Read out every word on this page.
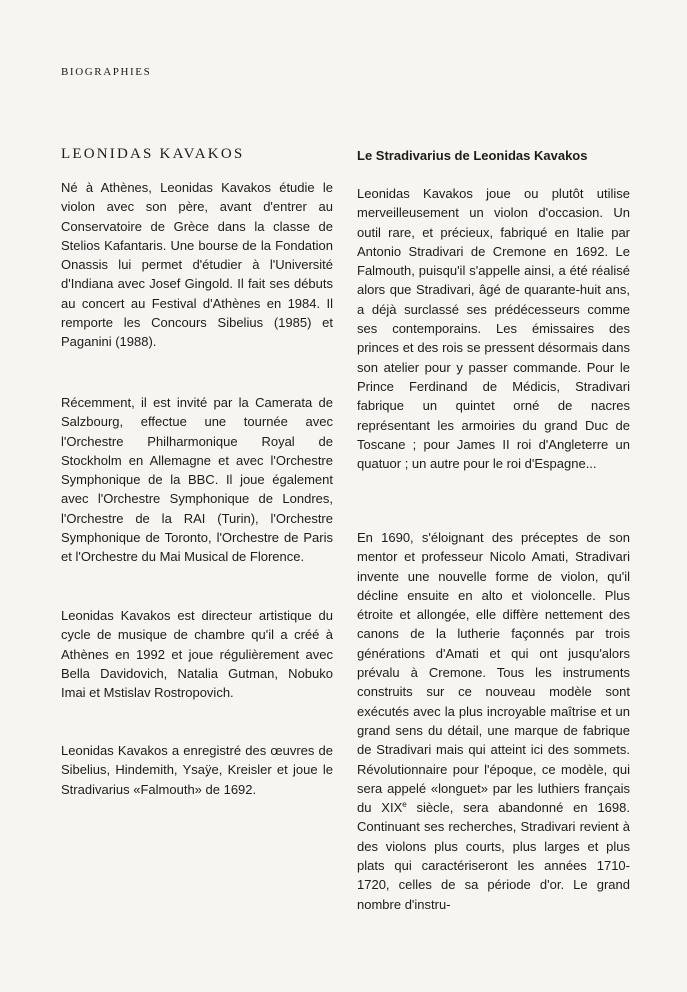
BIOGRAPHIES
LEONIDAS KAVAKOS

Né à Athènes, Leonidas Kavakos étudie le violon avec son père, avant d'entrer au Conservatoire de Grèce dans la classe de Stelios Kafantaris. Une bourse de la Fondation Onassis lui permet d'étudier à l'Université d'Indiana avec Josef Gingold. Il fait ses débuts au concert au Festival d'Athènes en 1984. Il remporte les Concours Sibelius (1985) et Paganini (1988).

Récemment, il est invité par la Camerata de Salzbourg, effectue une tournée avec l'Orchestre Philharmonique Royal de Stockholm en Allemagne et avec l'Orchestre Symphonique de la BBC. Il joue également avec l'Orchestre Symphonique de Londres, l'Orchestre de la RAI (Turin), l'Orchestre Symphonique de Toronto, l'Orchestre de Paris et l'Orchestre du Mai Musical de Florence.

Leonidas Kavakos est directeur artistique du cycle de musique de chambre qu'il a créé à Athènes en 1992 et joue régulièrement avec Bella Davidovich, Natalia Gutman, Nobuko Imai et Mstislav Rostropovich.

Leonidas Kavakos a enregistré des œuvres de Sibelius, Hindemith, Ysaÿe, Kreisler et joue le Stradivarius «Falmouth» de 1692.

Le Stradivarius de Leonidas Kavakos

Leonidas Kavakos joue ou plutôt utilise merveilleusement un violon d'occasion. Un outil rare, et précieux, fabriqué en Italie par Antonio Stradivari de Cremone en 1692. Le Falmouth, puisqu'il s'appelle ainsi, a été réalisé alors que Stradivari, âgé de quarante-huit ans, a déjà surclassé ses prédécesseurs comme ses contemporains. Les émissaires des princes et des rois se pressent désormais dans son atelier pour y passer commande. Pour le Prince Ferdinand de Médicis, Stradivari fabrique un quintet orné de nacres représentant les armoiries du grand Duc de Toscane ; pour James II roi d'Angleterre un quatuor ; un autre pour le roi d'Espagne...

En 1690, s'éloignant des préceptes de son mentor et professeur Nicolo Amati, Stradivari invente une nouvelle forme de violon, qu'il décline ensuite en alto et violoncelle. Plus étroite et allongée, elle diffère nettement des canons de la lutherie façonnés par trois générations d'Amati et qui ont jusqu'alors prévalu à Cremone. Tous les instruments construits sur ce nouveau modèle sont exécutés avec la plus incroyable maîtrise et un grand sens du détail, une marque de fabrique de Stradivari mais qui atteint ici des sommets. Révolutionnaire pour l'époque, ce modèle, qui sera appelé «longuet» par les luthiers français du XIXe siècle, sera abandonné en 1698. Continuant ses recherches, Stradivari revient à des violons plus courts, plus larges et plus plats qui caractériseront les années 1710-1720, celles de sa période d'or. Le grand nombre d'instru-
